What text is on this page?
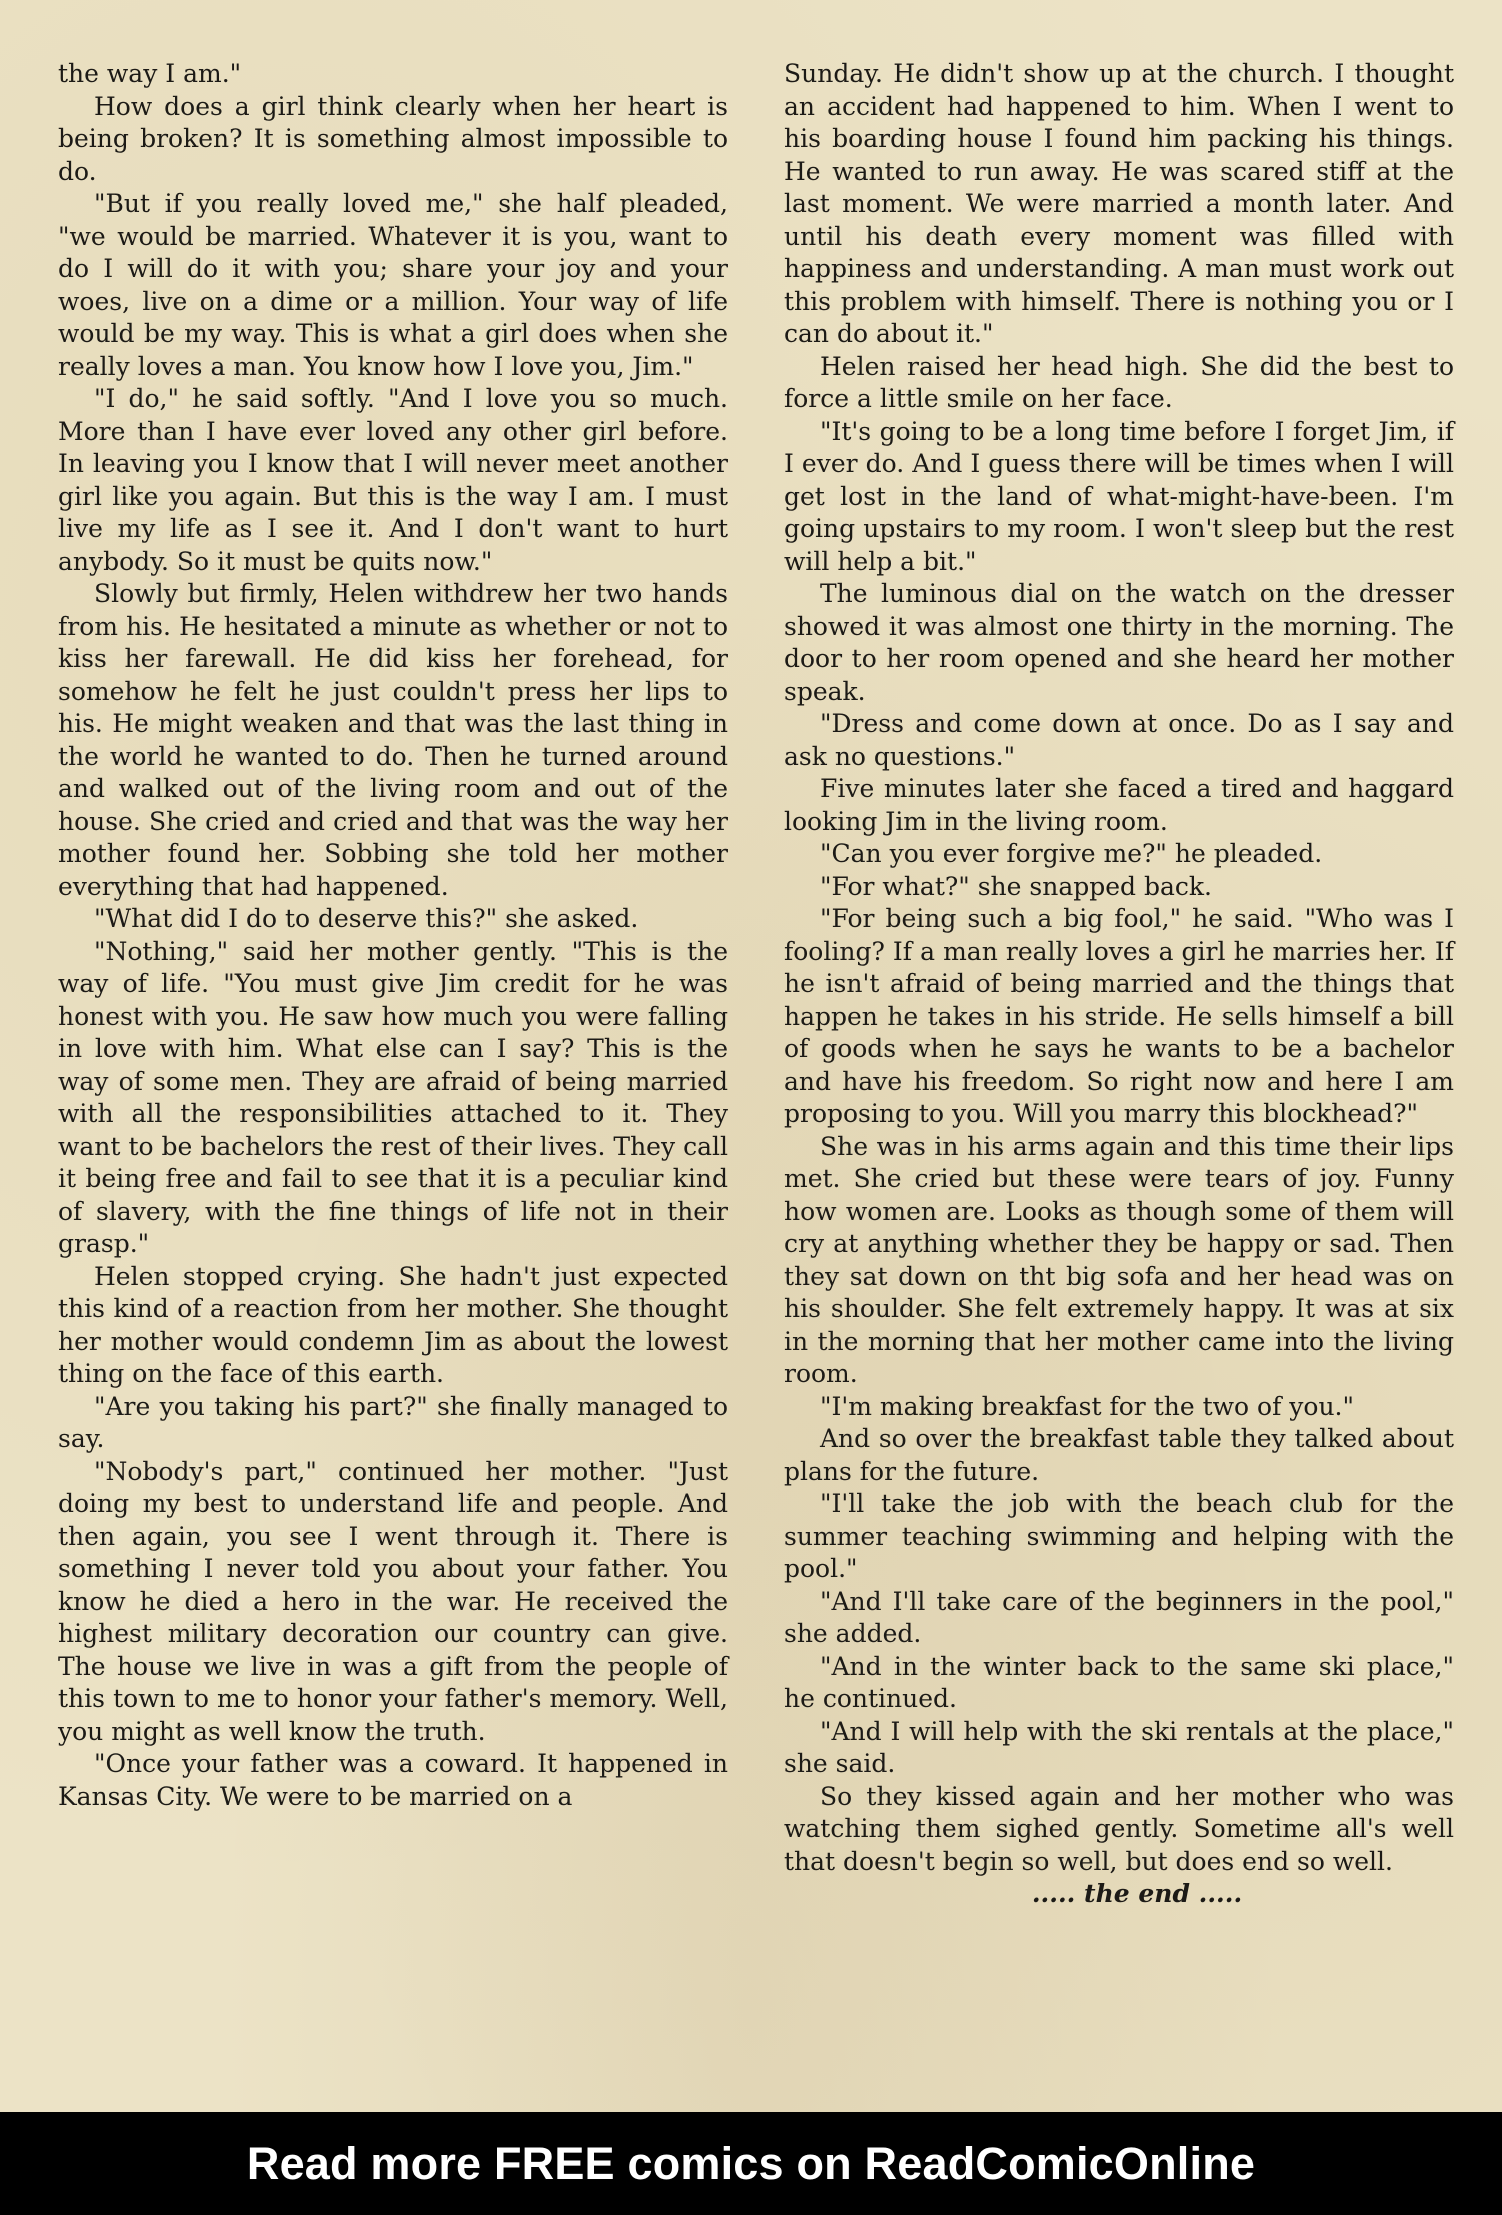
the way I am."

How does a girl think clearly when her heart is being broken? It is something almost impossible to do.

"But if you really loved me," she half pleaded, "we would be married. Whatever it is you, want to do I will do it with you; share your joy and your woes, live on a dime or a million. Your way of life would be my way. This is what a girl does when she really loves a man. You know how I love you, Jim."

"I do," he said softly. "And I love you so much. More than I have ever loved any other girl before. In leaving you I know that I will never meet another girl like you again. But this is the way I am. I must live my life as I see it. And I don't want to hurt anybody. So it must be quits now."

Slowly but firmly, Helen withdrew her two hands from his. He hesitated a minute as whether or not to kiss her farewall. He did kiss her forehead, for somehow he felt he just couldn't press her lips to his. He might weaken and that was the last thing in the world he wanted to do. Then he turned around and walked out of the living room and out of the house. She cried and cried and that was the way her mother found her. Sobbing she told her mother everything that had happened.

"What did I do to deserve this?" she asked.

"Nothing," said her mother gently. "This is the way of life. "You must give Jim credit for he was honest with you. He saw how much you were falling in love with him. What else can I say? This is the way of some men. They are afraid of being married with all the responsibilities attached to it. They want to be bachelors the rest of their lives. They call it being free and fail to see that it is a peculiar kind of slavery, with the fine things of life not in their grasp."

Helen stopped crying. She hadn't just expected this kind of a reaction from her mother. She thought her mother would condemn Jim as about the lowest thing on the face of this earth.

"Are you taking his part?" she finally managed to say.

"Nobody's part," continued her mother. "Just doing my best to understand life and people. And then again, you see I went through it. There is something I never told you about your father. You know he died a hero in the war. He received the highest military decoration our country can give. The house we live in was a gift from the people of this town to me to honor your father's memory. Well, you might as well know the truth.

"Once your father was a coward. It happened in Kansas City. We were to be married on a

Sunday. He didn't show up at the church. I thought an accident had happened to him. When I went to his boarding house I found him packing his things. He wanted to run away. He was scared stiff at the last moment. We were married a month later. And until his death every moment was filled with happiness and understanding. A man must work out this problem with himself. There is nothing you or I can do about it."

Helen raised her head high. She did the best to force a little smile on her face.

"It's going to be a long time before I forget Jim, if I ever do. And I guess there will be times when I will get lost in the land of what-might-have-been. I'm going upstairs to my room. I won't sleep but the rest will help a bit."

The luminous dial on the watch on the dresser showed it was almost one thirty in the morning. The door to her room opened and she heard her mother speak.

"Dress and come down at once. Do as I say and ask no questions."

Five minutes later she faced a tired and haggard looking Jim in the living room.

"Can you ever forgive me?" he pleaded.

"For what?" she snapped back.

"For being such a big fool," he said. "Who was I fooling? If a man really loves a girl he marries her. If he isn't afraid of being married and the things that happen he takes in his stride. He sells himself a bill of goods when he says he wants to be a bachelor and have his freedom. So right now and here I am proposing to you. Will you marry this blockhead?"

She was in his arms again and this time their lips met. She cried but these were tears of joy. Funny how women are. Looks as though some of them will cry at anything whether they be happy or sad. Then they sat down on tht big sofa and her head was on his shoulder. She felt extremely happy. It was at six in the morning that her mother came into the living room.

"I'm making breakfast for the two of you."

And so over the breakfast table they talked about plans for the future.

"I'll take the job with the beach club for the summer teaching swimming and helping with the pool."

"And I'll take care of the beginners in the pool," she added.

"And in the winter back to the same ski place," he continued.

"And I will help with the ski rentals at the place," she said.

So they kissed again and her mother who was watching them sighed gently. Sometime all's well that doesn't begin so well, but does end so well.

..... the end .....

Read more FREE comics on ReadComicOnline
